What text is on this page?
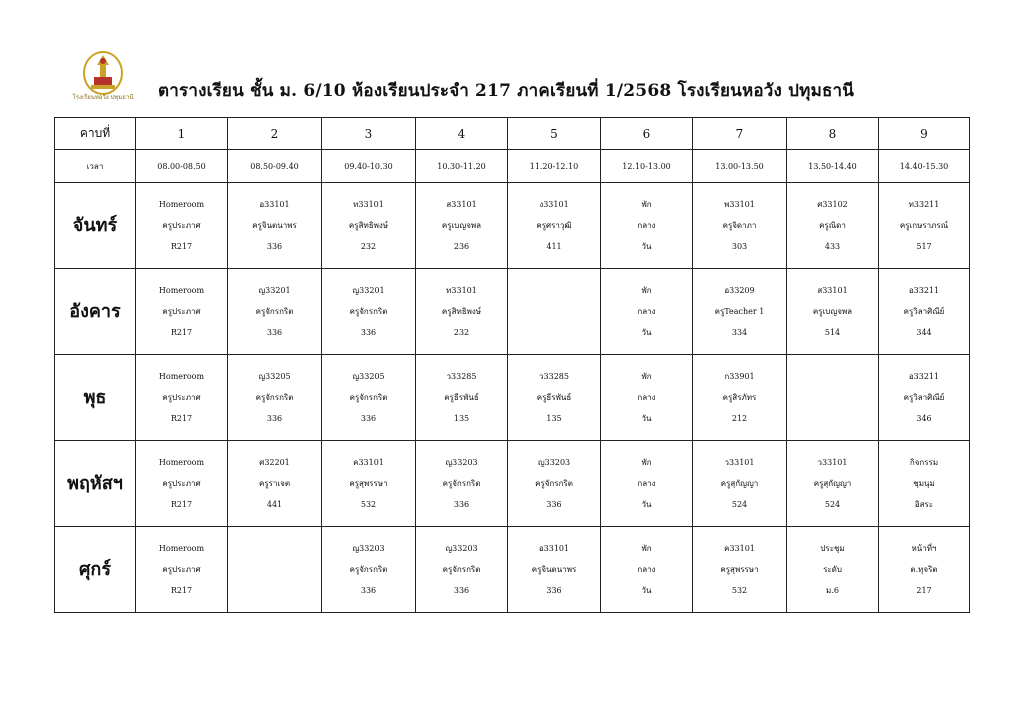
โรงเรียนหอวัง ปทุมธานี ตารางเรียน ชั้น ม. 6/10 ห้องเรียนประจำ 217 ภาคเรียนที่ 1/2568 โรงเรียนหอวัง ปทุมธานี
คาบที่	1	2	3	4	5	6	7	8	9
เวลา	08.00-08.50	08.50-09.40	09.40-10.30	10.30-11.20	11.20-12.10	12.10-13.00	13.00-13.50	13.50-14.40	14.40-15.30
จันทร์	Homeroom
ครูประภาศ
R217	อ33101
ครูจินตนาพร
336	ท33101
ครูสิทธิพงษ์
232	ส33101
ครูเบญจพล
236	ง33101
ครูศราวุฒิ
411	พัก
กลาง
วัน	พ33101
ครูจิดาภา
303	ศ33102
ครูณิดา
433	ท33211
ครูเกษราภรณ์
517

อังคาร	Homeroom
ครูประภาศ
R217	ญ33201
ครูจักรกริต
336	ญ33201
ครูจักรกริต
336	ท33101
ครูสิทธิพงษ์
232		พัก
กลาง
วัน	อ33209
ครูTeacher 1
334	ส33101
ครูเบญจพล
514	อ33211
ครูวิลาศิณีย์
344

พุธ	Homeroom
ครูประภาศ
R217	ญ33205
ครูจักรกริต
336	ญ33205
ครูจักรกริต
336	ว33285
ครูธีรพันธ์
135	ว33285
ครูธีรพันธ์
135	พัก
กลาง
วัน	ก33901
ครูสิรภัทร
212		อ33211
ครูวิลาศิณีย์
346

พฤหัสฯ	Homeroom
ครูประภาศ
R217	ศ32201
ครูราเจต
441	ค33101
ครูสุพรรษา
532	ญ33203
ครูจักรกริต
336	ญ33203
ครูจักรกริต
336	พัก
กลาง
วัน	ว33101
ครูสุกัญญา
524	ว33101
ครูสุกัญญา
524	กิจกรรม
ชุมนุม
อิสระ

ศุกร์	Homeroom
ครูประภาศ
R217		ญ33203
ครูจักรกริต
336	ญ33203
ครูจักรกริต
336	อ33101
ครูจินตนาพร
336	พัก
กลาง
วัน	ค33101
ครูสุพรรษา
532	ประชุม
ระดับ
ม.6	หน้าที่ฯ
ต.ทุจริต
217
